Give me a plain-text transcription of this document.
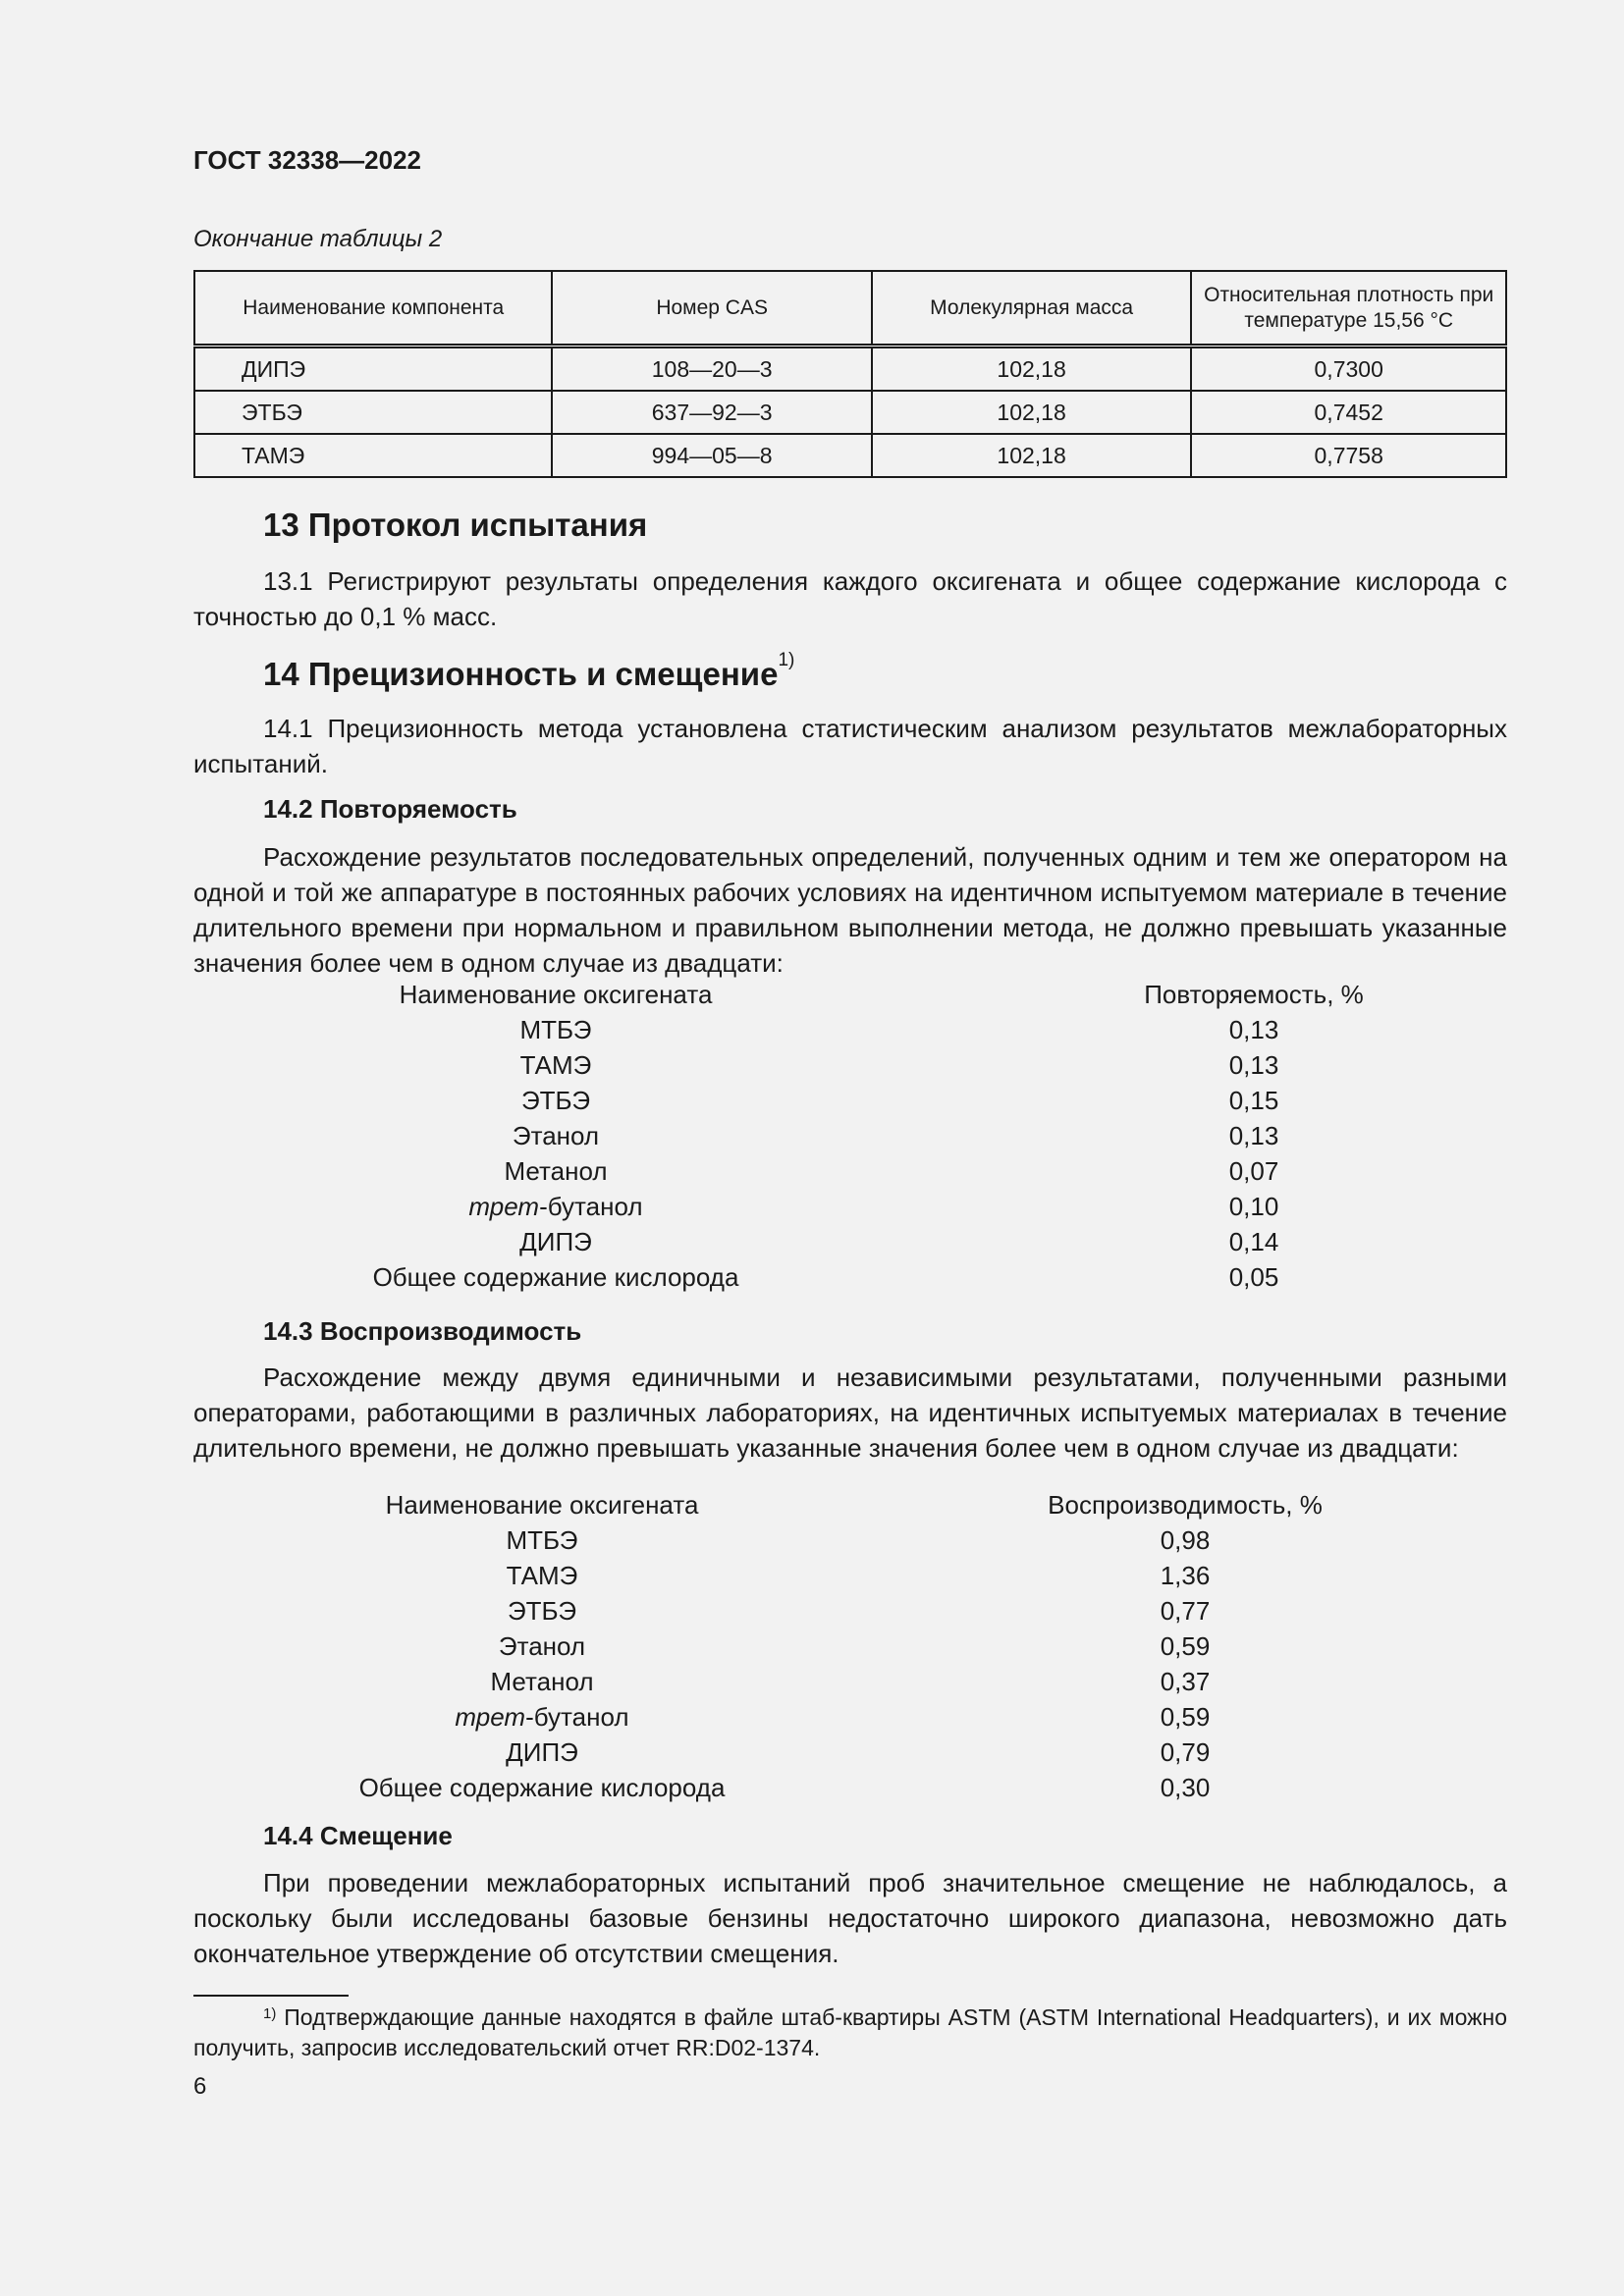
ГОСТ 32338—2022
Окончание таблицы 2
Наименование компонента	Номер CAS	Молекулярная масса	Относительная плотность при температуре 15,56 °С
ДИПЭ	108—20—3	102,18	0,7300
ЭТБЭ	637—92—3	102,18	0,7452
ТАМЭ	994—05—8	102,18	0,7758
13 Протокол испытания
13.1 Регистрируют результаты определения каждого оксигената и общее содержание кислорода с точностью до 0,1 % масс.
14 Прецизионность и смещение$^{1)}$
14.1 Прецизионность метода установлена статистическим анализом результатов межлабораторных испытаний.
14.2 Повторяемость
Расхождение результатов последовательных определений, полученных одним и тем же оператором на одной и той же аппаратуре в постоянных рабочих условиях на идентичном испытуемом материале в течение длительного времени при нормальном и правильном выполнении метода, не должно превышать указанные значения более чем в одном случае из двадцати:
Наименование оксигената	Повторяемость, %
МТБЭ	0,13
ТАМЭ	0,13
ЭТБЭ	0,15
Этанол	0,13
Метанол	0,07
трет-бутанол	0,10
ДИПЭ	0,14
Общее содержание кислорода	0,05
14.3 Воспроизводимость
Расхождение между двумя единичными и независимыми результатами, полученными разными операторами, работающими в различных лабораториях, на идентичных испытуемых материалах в течение длительного времени, не должно превышать указанные значения более чем в одном случае из двадцати:
Наименование оксигената	Воспроизводимость, %
МТБЭ	0,98
ТАМЭ	1,36
ЭТБЭ	0,77
Этанол	0,59
Метанол	0,37
трет-бутанол	0,59
ДИПЭ	0,79
Общее содержание кислорода	0,30
14.4 Смещение
При проведении межлабораторных испытаний проб значительное смещение не наблюдалось, а поскольку были исследованы базовые бензины недостаточно широкого диапазона, невозможно дать окончательное утверждение об отсутствии смещения.
$^{1)}$ Подтверждающие данные находятся в файле штаб-квартиры ASTM (ASTM International Headquarters), и их можно получить, запросив исследовательский отчет RR:D02-1374.
6
